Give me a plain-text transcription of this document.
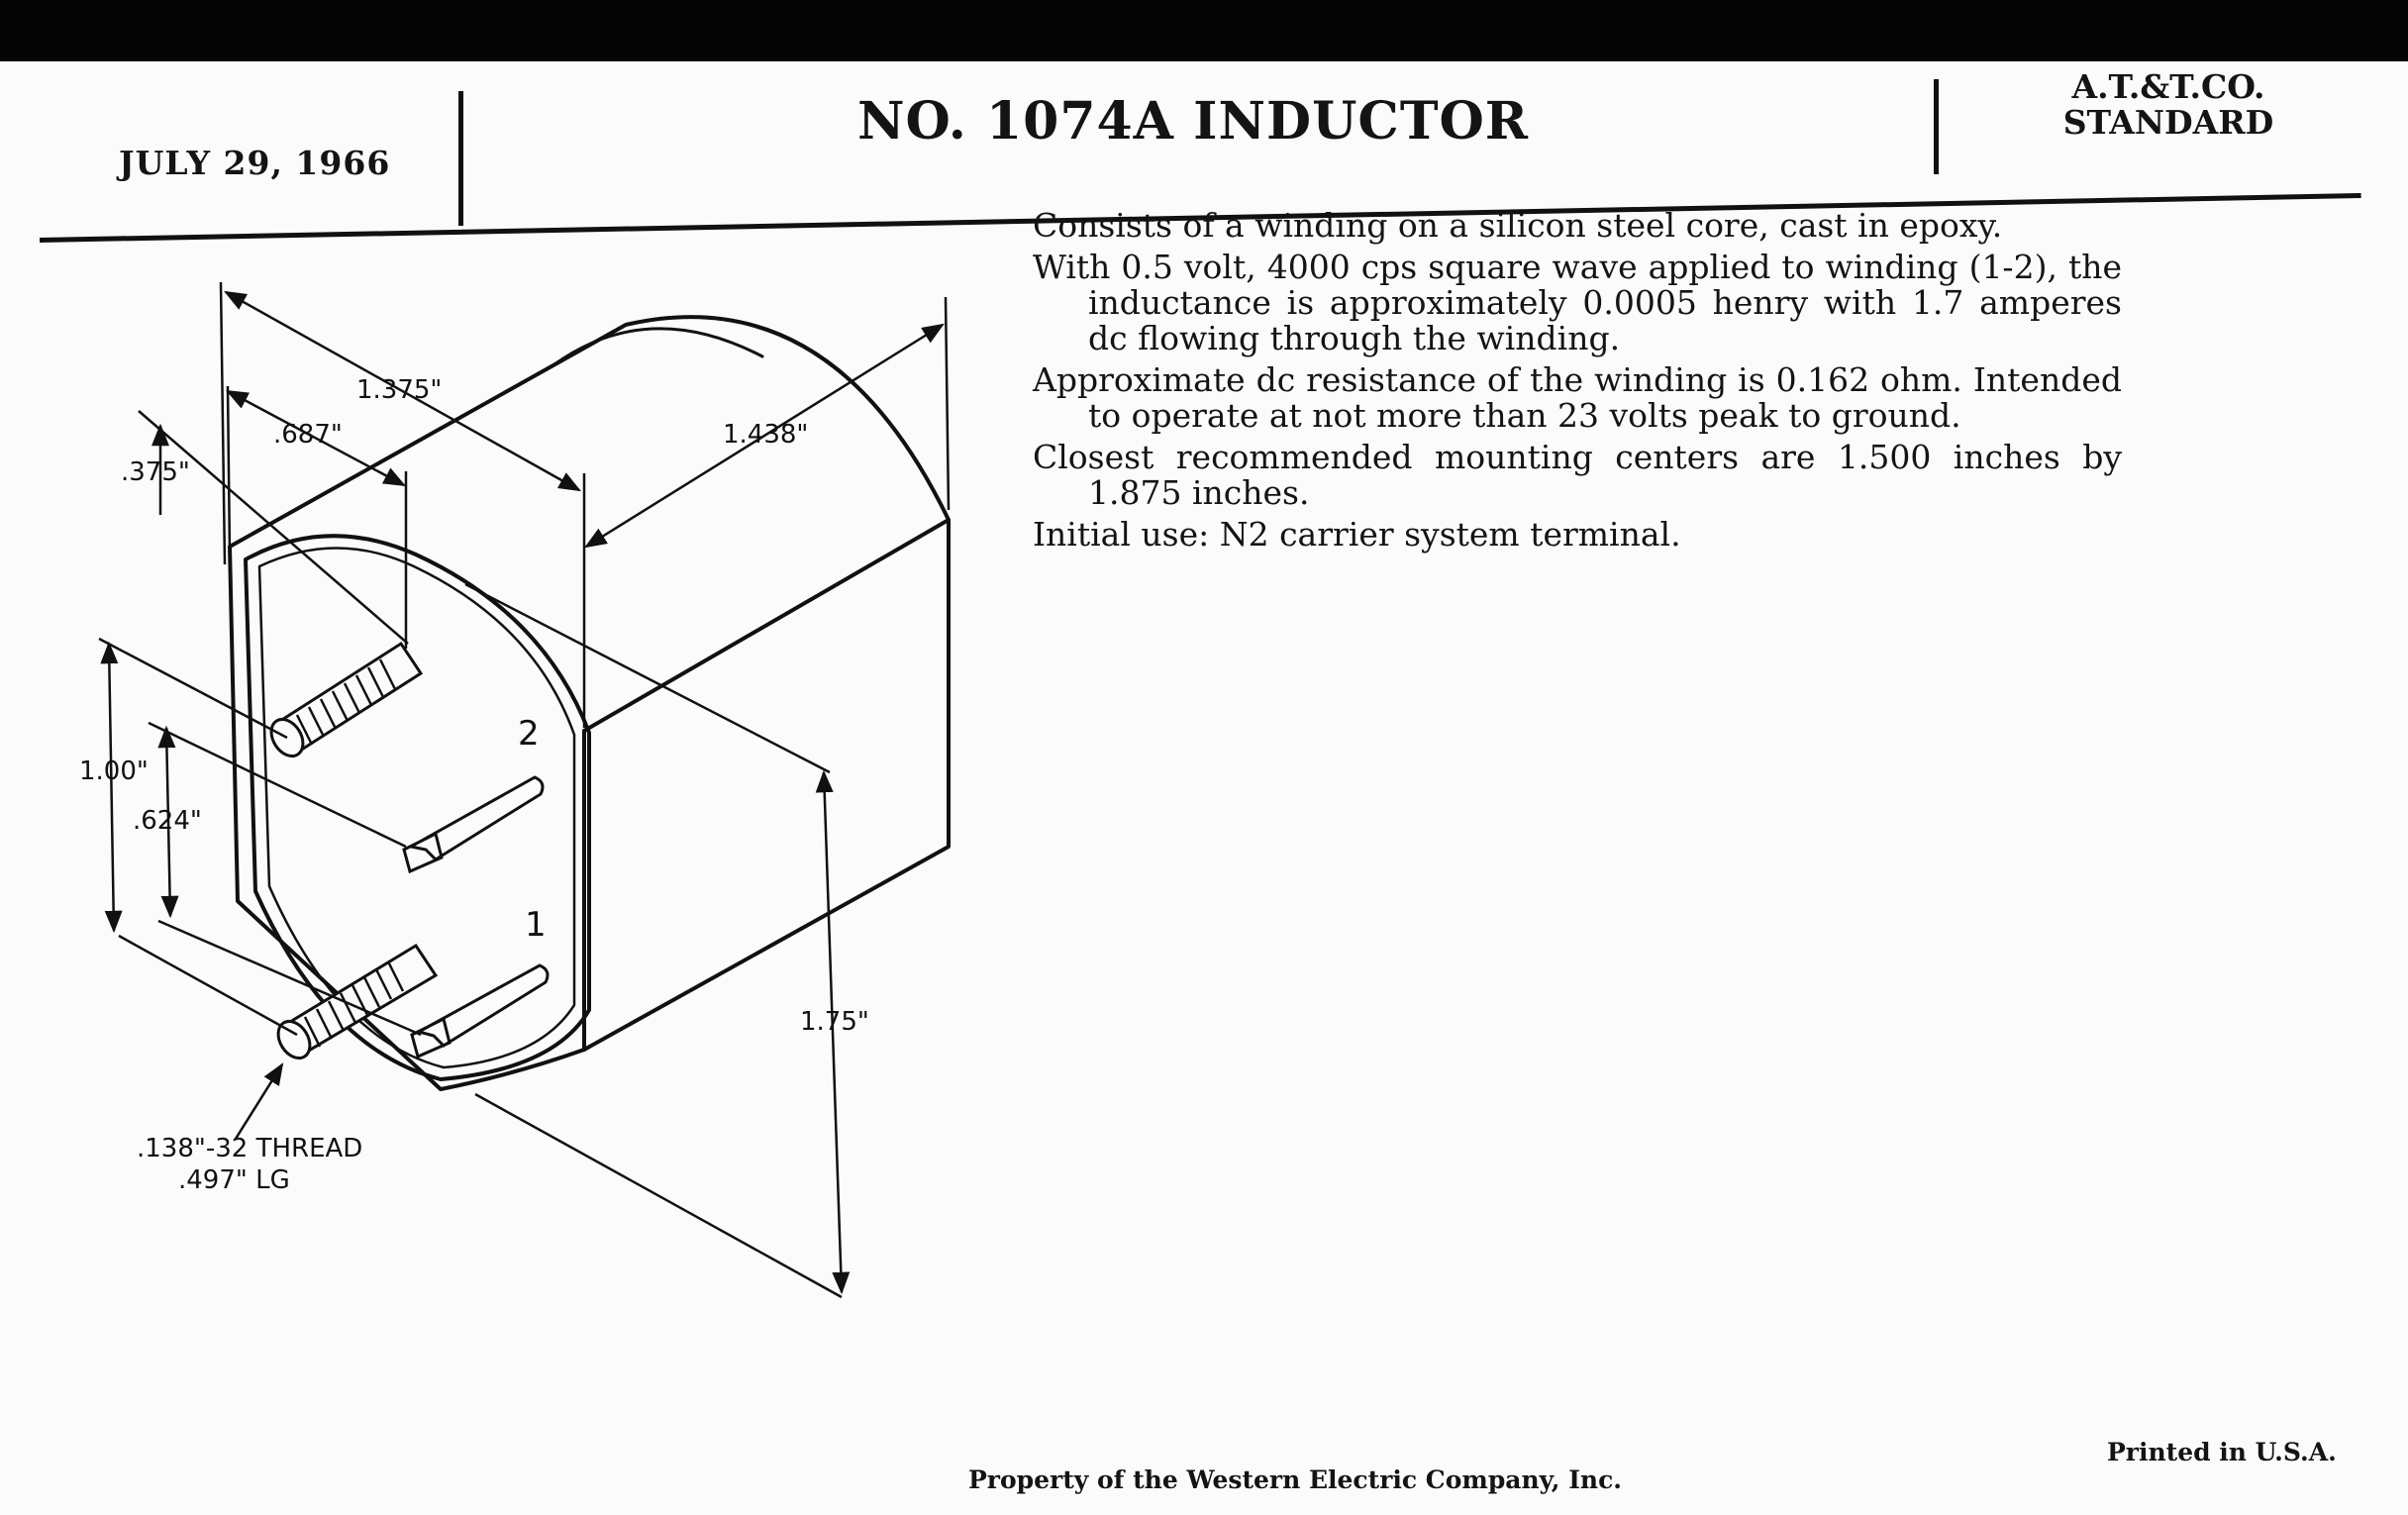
JULY 29, 1966
NO. 1074A INDUCTOR
A.T.&T.CO.
STANDARD

Consists of a winding on a silicon steel core, cast in epoxy.

With 0.5 volt, 4000 cps square wave applied to winding (1-2), the inductance is approximately 0.0005 henry with 1.7 amperes dc flowing through the winding.

Approximate dc resistance of the winding is 0.162 ohm. Intended to operate at not more than 23 volts peak to ground.

Closest recommended mounting centers are 1.500 inches by 1.875 inches.

Initial use: N2 carrier system terminal.

1.375"
.687"
.375"
1.438"
1.00"
.624"
1.75"
2
1
.138"-32 THREAD
.497" LG
Property of the Western Electric Company, Inc.
Printed in U.S.A.
